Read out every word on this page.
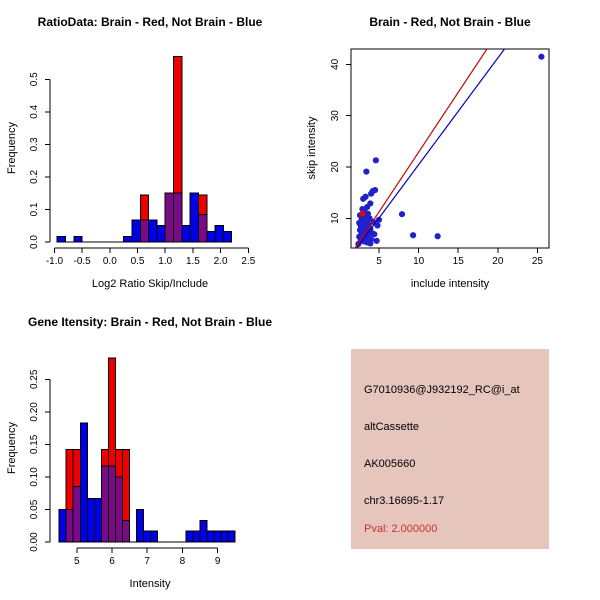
RatioData: Brain - Red, Not Brain - Blue
Log2 Ratio Skip/Include
Frequency
-1.0 -0.5 0.0 0.5 1.0 1.5 2.0 2.5
0.0
0.1
0.2
0.3
0.4
0.5
Brain - Red, Not Brain - Blue
include intensity
skip intensity
5	10	15	20	25
10
20
30
40
Gene Itensity: Brain - Red, Not Brain - Blue
Intensity
Frequency
5	6	7	8	9
0.00
0.05
0.10
0.15
0.20
0.25

G7010936@J932192_RC@i_at

altCassette

AK005660

chr3.16695-1.17

Pval: 2.000000
